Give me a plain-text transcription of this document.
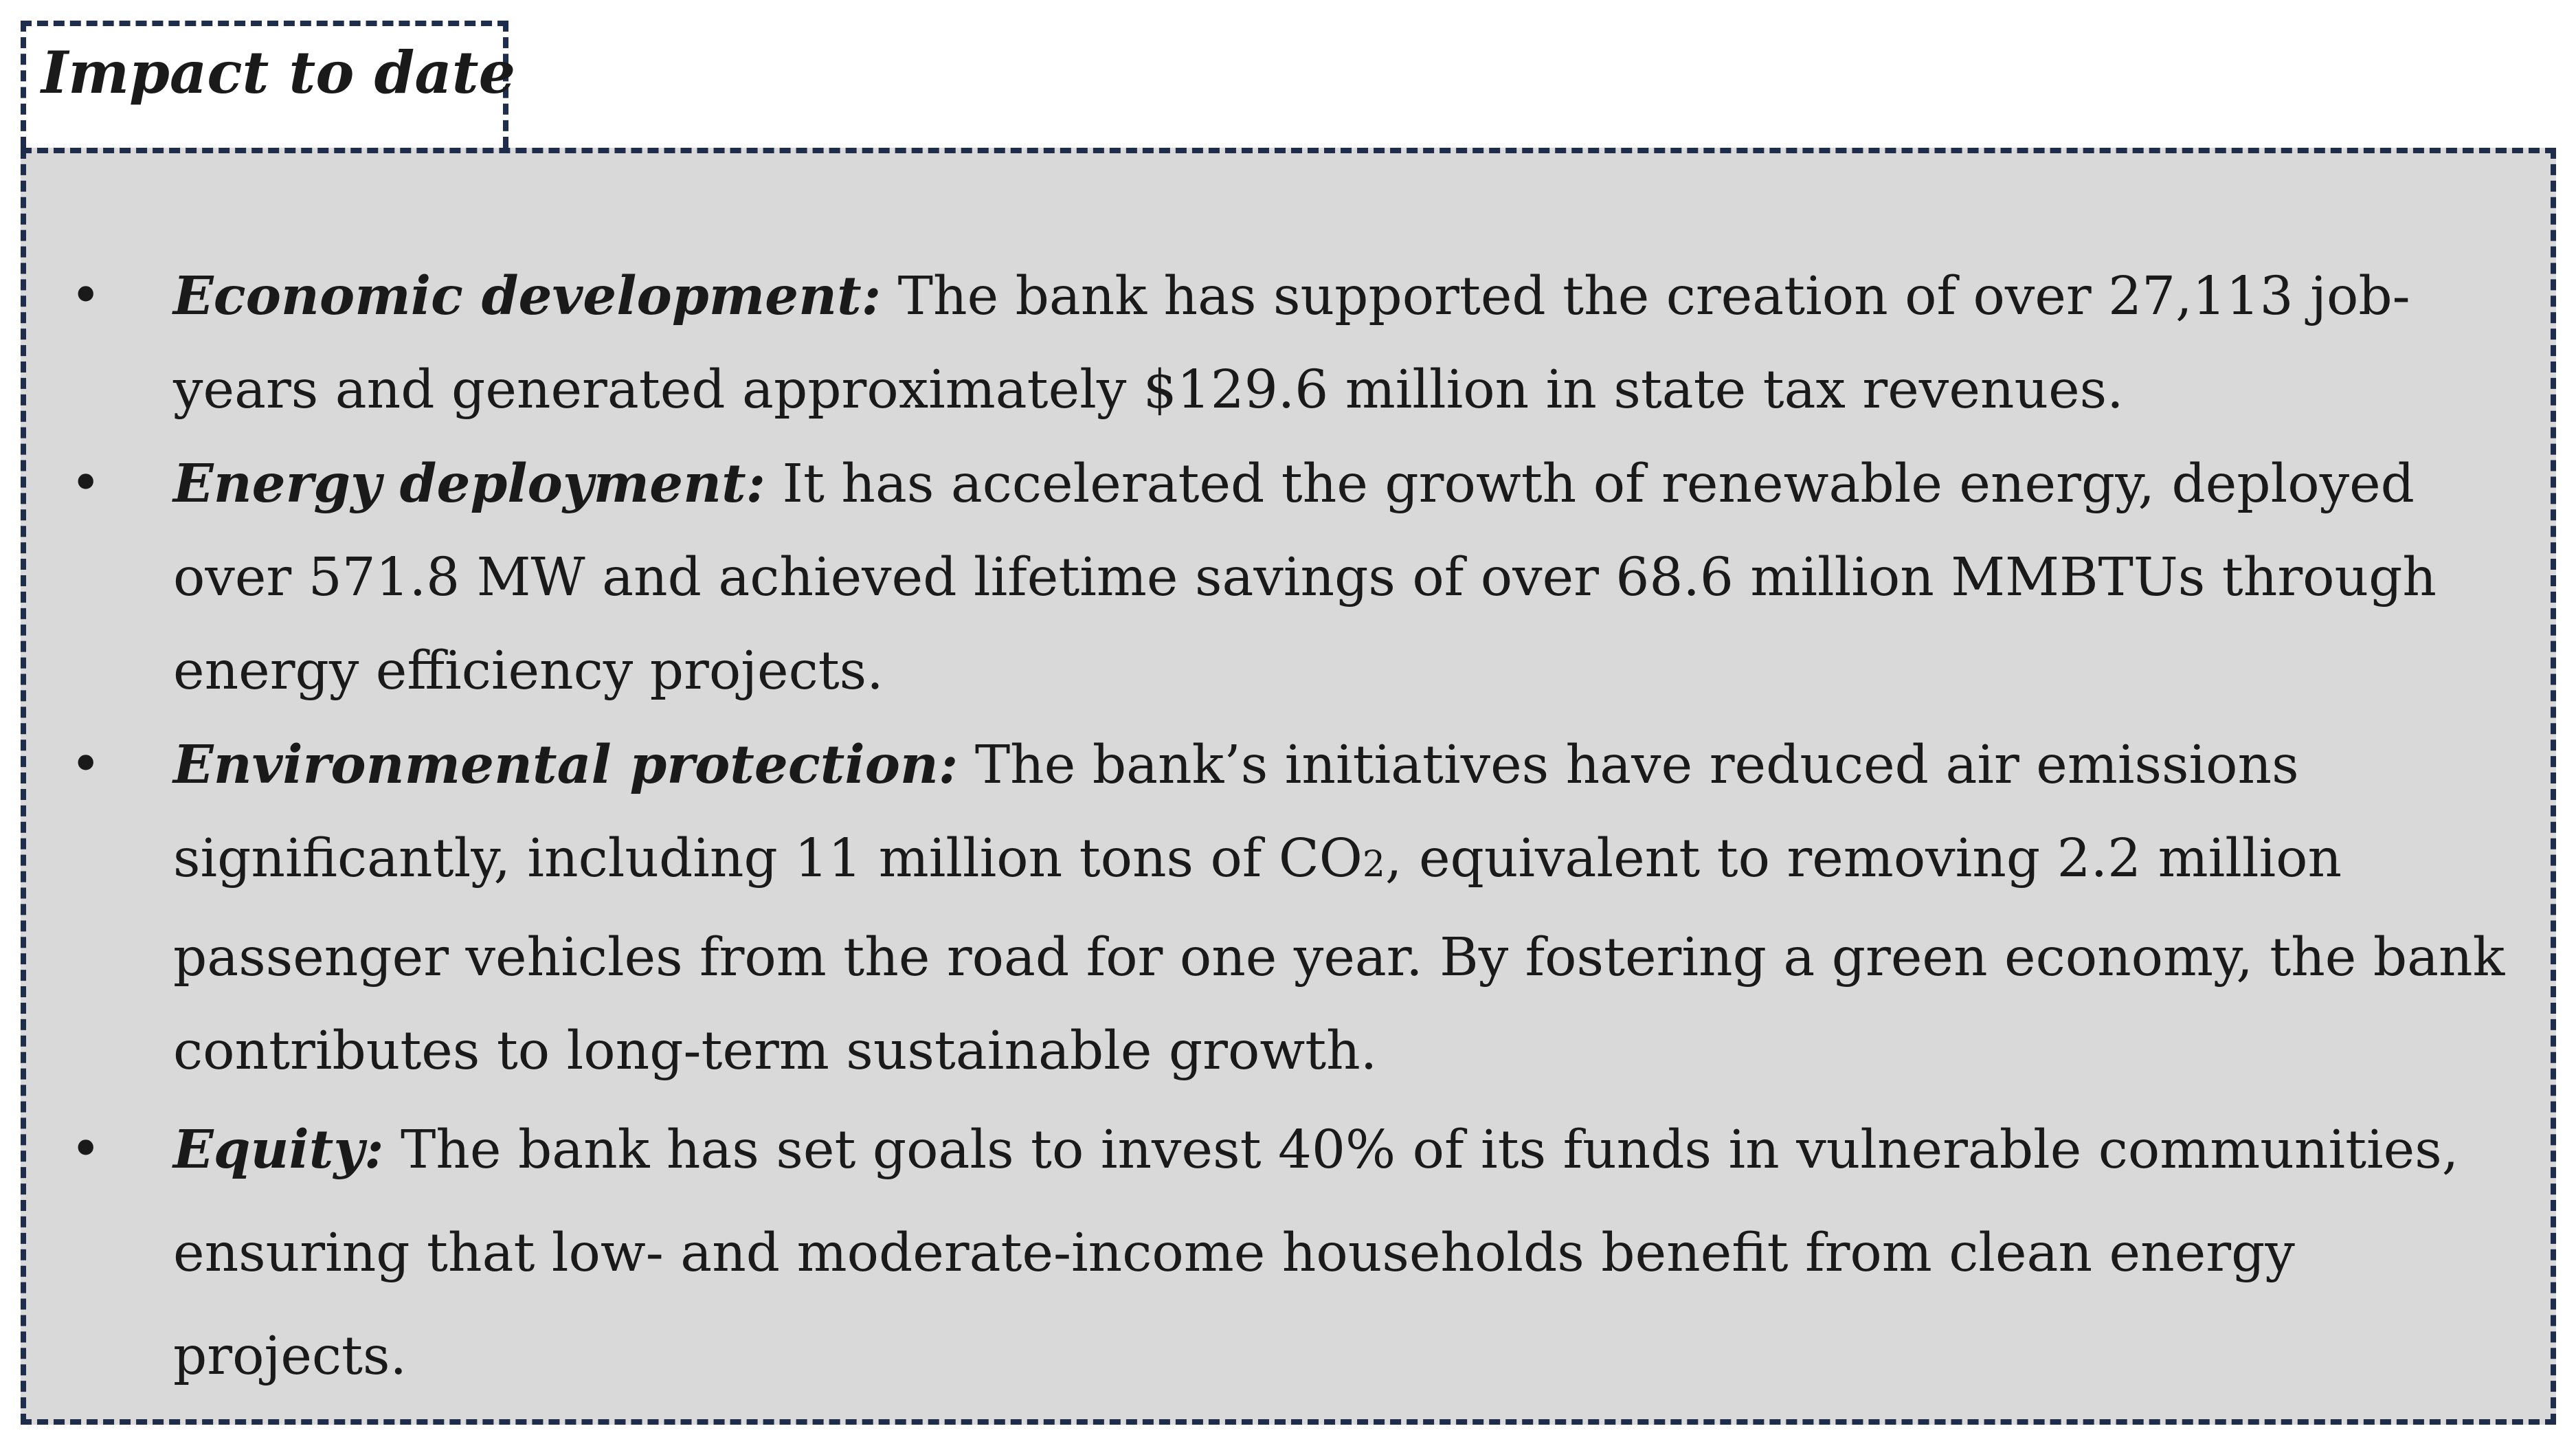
Impact to date
• Economic development: The bank has supported the creation of over 27,113 job-years and generated approximately $129.6 million in state tax revenues.
• Energy deployment: It has accelerated the growth of renewable energy, deployed over 571.8 MW and achieved lifetime savings of over 68.6 million MMBTUs through energy efficiency projects.
• Environmental protection: The bank’s initiatives have reduced air emissions significantly, including 11 million tons of CO2, equivalent to removing 2.2 million passenger vehicles from the road for one year. By fostering a green economy, the bank contributes to long-term sustainable growth.
• Equity: The bank has set goals to invest 40% of its funds in vulnerable communities, ensuring that low- and moderate-income households benefit from clean energy projects.
